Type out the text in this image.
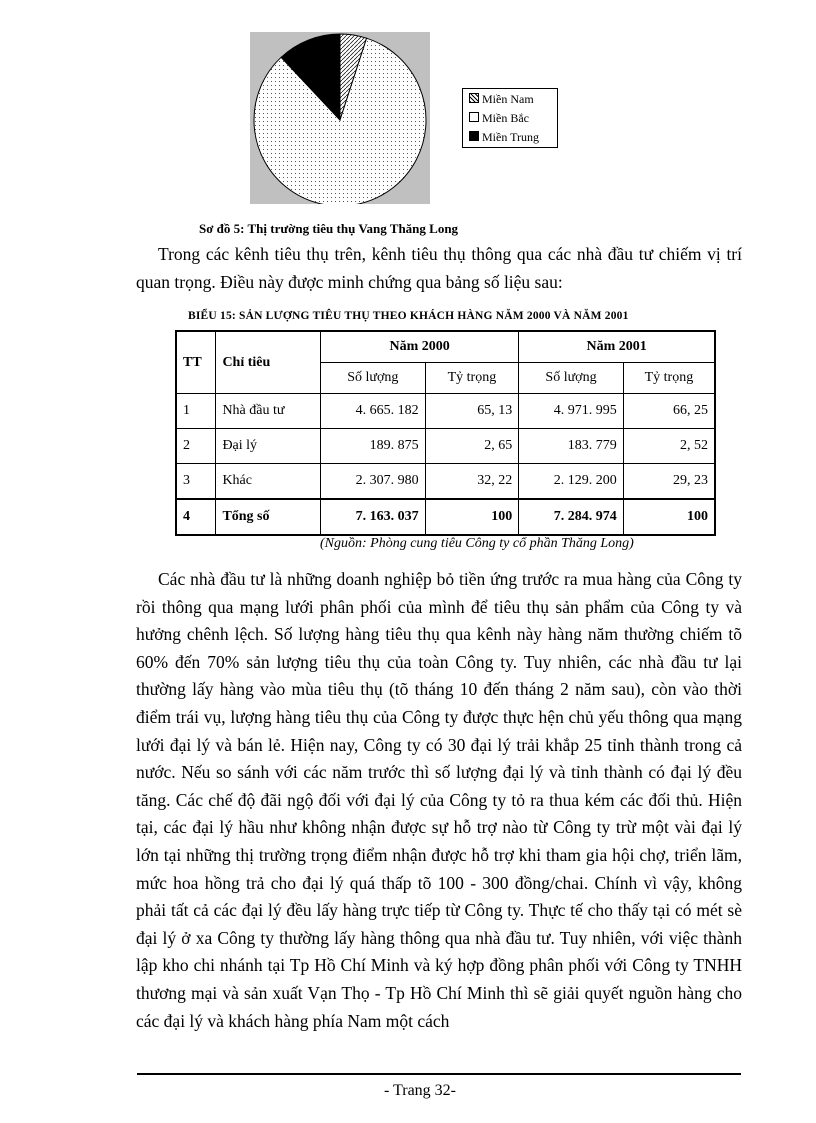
Miền Nam
Miền Bắc
Miền Trung
Sơ đồ 5: Thị trường tiêu thụ Vang Thăng Long

Trong các kênh tiêu thụ trên, kênh tiêu thụ thông qua các nhà đầu tư chiếm vị trí quan trọng. Điều này được minh chứng qua bảng số liệu sau:

BIỂU 15: SẢN LƯỢNG TIÊU THỤ THEO KHÁCH HÀNG NĂM 2000 VÀ NĂM 2001
TT	Chỉ tiêu	Năm 2000		Năm 2001	
		Số lượng	Tỷ trọng	Số lượng	Tỷ trọng
1	Nhà đầu tư	4. 665. 182	65, 13	4. 971. 995	66, 25
2	Đại lý	189. 875	2, 65	183. 779	2, 52
3	Khác	2. 307. 980	32, 22	2. 129. 200	29, 23
4	Tổng số	7. 163. 037	100	7. 284. 974	100
(Nguồn: Phòng cung tiêu Công ty cổ phần Thăng Long)

Các nhà đầu tư là những doanh nghiệp bỏ tiền ứng trước ra mua hàng của Công ty rồi thông qua mạng lưới phân phối của mình để tiêu thụ sản phẩm của Công ty và hưởng chênh lệch. Số lượng hàng tiêu thụ qua kênh này hàng năm thường chiếm tõ 60% đến 70% sản lượng tiêu thụ của toàn Công ty. Tuy nhiên, các nhà đầu tư lại thường lấy hàng vào mùa tiêu thụ (tõ tháng 10 đến tháng 2 năm sau), còn vào thời điểm trái vụ, lượng hàng tiêu thụ của Công ty được thực hện chủ yếu thông qua mạng lưới đại lý và bán lẻ. Hiện nay, Công ty có 30 đại lý trải khắp 25 tỉnh thành trong cả nước. Nếu so sánh với các năm trước thì số lượng đại lý và tỉnh thành có đại lý đều tăng. Các chế độ đãi ngộ đối với đại lý của Công ty tỏ ra thua kém các đối thủ. Hiện tại, các đại lý hầu như không nhận được sự hỗ trợ nào từ Công ty trừ một vài đại lý lớn tại những thị trường trọng điểm nhận được hỗ trợ khi tham gia hội chợ, triển lãm, mức hoa hồng trả cho đại lý quá thấp tõ 100 - 300 đồng/chai. Chính vì vậy, không phải tất cả các đại lý đều lấy hàng trực tiếp từ Công ty. Thực tế cho thấy tại có mét sè đại lý ở xa Công ty thường lấy hàng thông qua nhà đầu tư. Tuy nhiên, với việc thành lập kho chi nhánh tại Tp Hồ Chí Minh và ký hợp đồng phân phối với Công ty TNHH thương mại và sản xuất Vạn Thọ - Tp Hồ Chí Minh thì sẽ giải quyết nguồn hàng cho các đại lý và khách hàng phía Nam một cách

- Trang 32-
